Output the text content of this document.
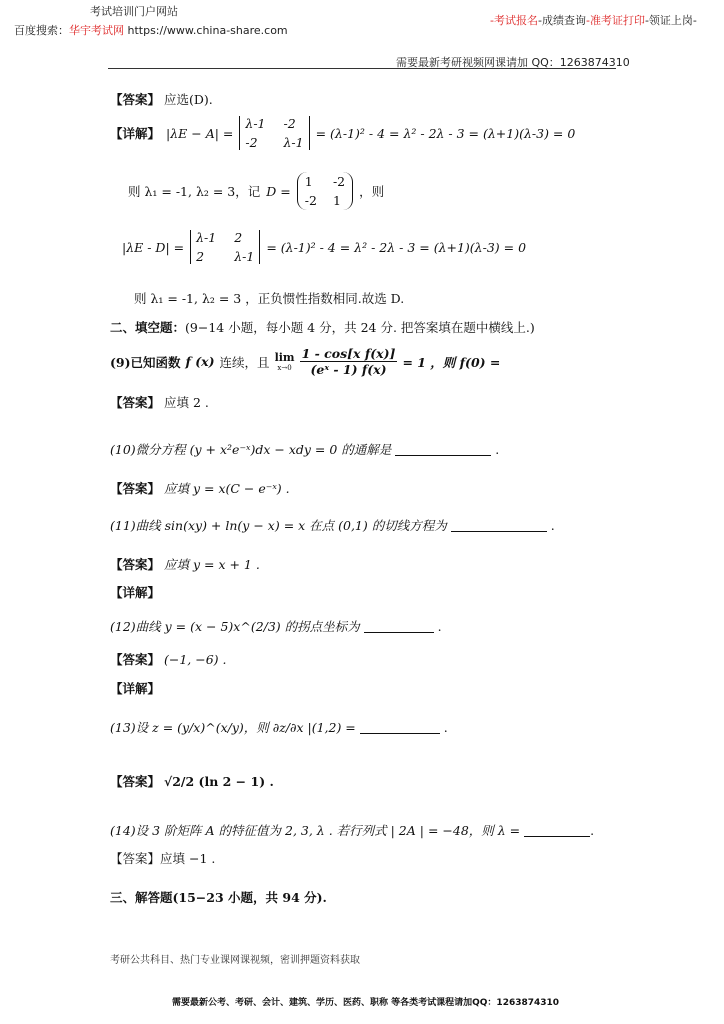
考试培训门户网站
百度搜索：华宇考试网 https://www.china-share.com
-考试报名-成绩查询-准考证打印-领证上岗-
需要最新考研视频网课请加 QQ：1263874310
【答案】 应选(D).
【详解】 |λE − A| =
λ-1 -2
-2	λ-1
= (λ-1)² - 4 = λ² - 2λ - 3 = (λ+1)(λ-3) = 0
则 λ₁ = -1, λ₂ = 3，记 D =
1	-2
-2 1
，则
|λE - D| =
λ-1 2
2	λ-1
= (λ-1)² - 4 = λ² - 2λ - 3 = (λ+1)(λ-3) = 0
则 λ₁ = -1, λ₂ = 3 ，正负惯性指数相同.故选 D.
二、填空题：(9−14 小题，每小题 4 分，共 24 分. 把答案填在题中横线上.)
(9)已知函数 f (x) 连续，且 lim
$x\to 0 \frac{\text{1 - cos[x f(x)]}}{\text{(eˣ - 1) f(x)}} = 1$ ，则 f(0) =
【答案】 应填 2 .
(10)微分方程 (y + x²e⁻ˣ)dx − xdy = 0 的通解是	.
【答案】 应填 y = x(C − e⁻ˣ) .
(11)曲线 sin(xy) + ln(y − x) = x 在点 (0,1) 的切线方程为	.
【答案】 应填 y = x + 1 .
【详解】
(12)曲线 y = (x − 5)x^(2/3) 的拐点坐标为	.
【答案】 (−1, −6) .
【详解】
(13)设 z = (y/x)^(x/y)，则 ∂z/∂x |(1,2) =	.
【答案】 √2/2 (ln 2 − 1) .
(14)设 3 阶矩阵 A 的特征值为 2, 3, λ . 若行列式 | 2A | = −48，则 λ =	.
【答案】应填 −1 .
三、解答题(15−23 小题，共 94 分).
考研公共科目、热门专业课网课视频，密训押题资料获取
需要最新公考、考研、会计、建筑、学历、医药、职称 等各类考试课程请加QQ：1263874310
